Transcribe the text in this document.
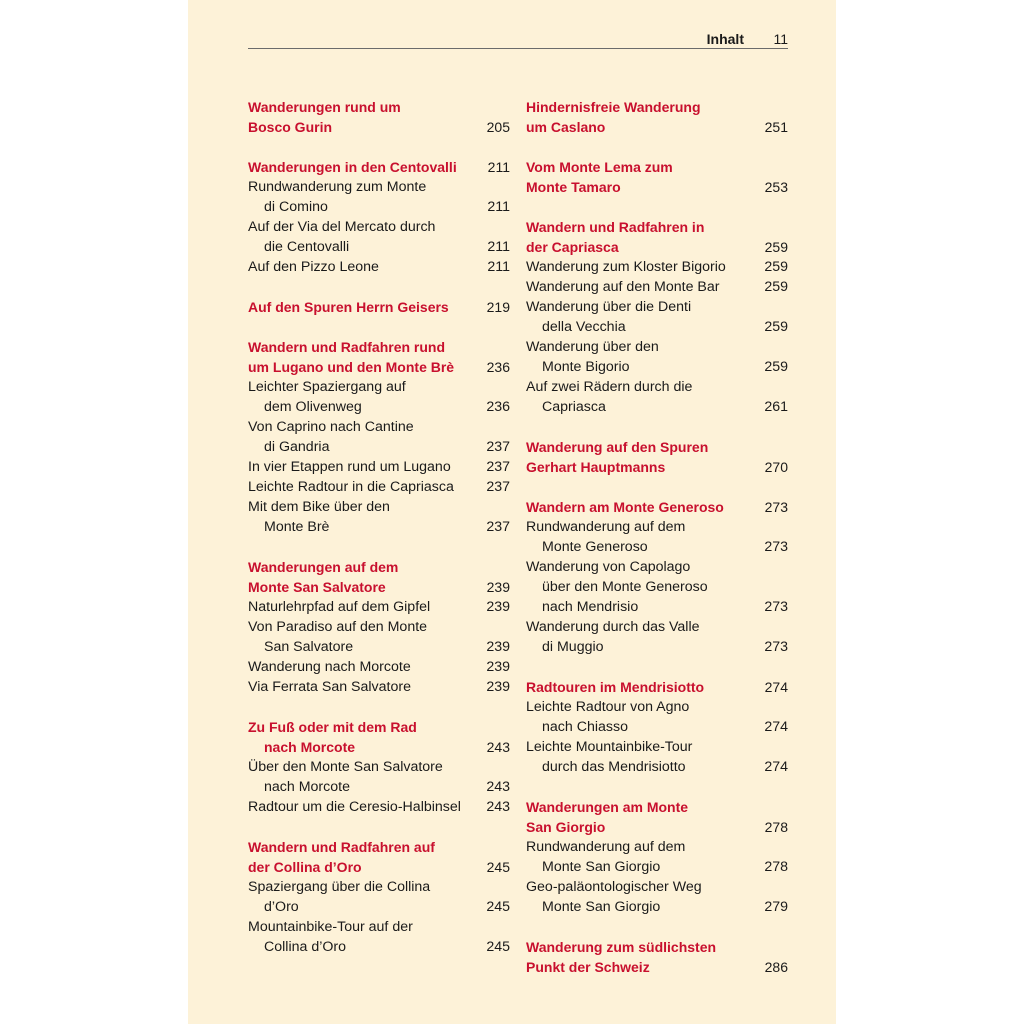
Inhalt 11
Wanderungen rund um
Bosco Gurin	205
Wanderungen in den Centovalli 211
Rundwanderung zum Monte
di Comino	211
Auf der Via del Mercato durch
die Centovalli	211
Auf den Pizzo Leone	211
Auf den Spuren Herrn Geisers	219
Wandern und Radfahren rund
um Lugano und den Monte Brè 236
Leichter Spaziergang auf
dem Olivenweg	236
Von Caprino nach Cantine
di Gandria	237
In vier Etappen rund um Lugano	237
Leichte Radtour in die Capriasca 237
Mit dem Bike über den
Monte Brè	237
Wanderungen auf dem
Monte San Salvatore	239
Naturlehrpfad auf dem Gipfel	239
Von Paradiso auf den Monte
San Salvatore	239
Wanderung nach Morcote	239
Via Ferrata San Salvatore	239
Zu Fuß oder mit dem Rad
nach Morcote	243
Über den Monte San Salvatore
nach Morcote	243
Radtour um die Ceresio-Halbinsel 243
Wandern und Radfahren auf
der Collina d’Oro	245
Spaziergang über die Collina
d’Oro	245
Mountainbike-Tour auf der
Collina d’Oro	245
Hindernisfreie Wanderung
um Caslano	251
Vom Monte Lema zum
Monte Tamaro	253
Wandern und Radfahren in
der Capriasca	259
Wanderung zum Kloster Bigorio	259
Wanderung auf den Monte Bar	259
Wanderung über die Denti
della Vecchia	259
Wanderung über den
Monte Bigorio	259
Auf zwei Rädern durch die
Capriasca	261
Wanderung auf den Spuren
Gerhart Hauptmanns	270
Wandern am Monte Generoso	273
Rundwanderung auf dem
Monte Generoso	273
Wanderung von Capolago
über den Monte Generoso
nach Mendrisio	273
Wanderung durch das Valle
di Muggio	273
Radtouren im Mendrisiotto	274
Leichte Radtour von Agno
nach Chiasso	274
Leichte Mountainbike-Tour
durch das Mendrisiotto	274
Wanderungen am Monte
San Giorgio	278
Rundwanderung auf dem
Monte San Giorgio	278
Geo-paläontologischer Weg
Monte San Giorgio	279
Wanderung zum südlichsten
Punkt der Schweiz	286
